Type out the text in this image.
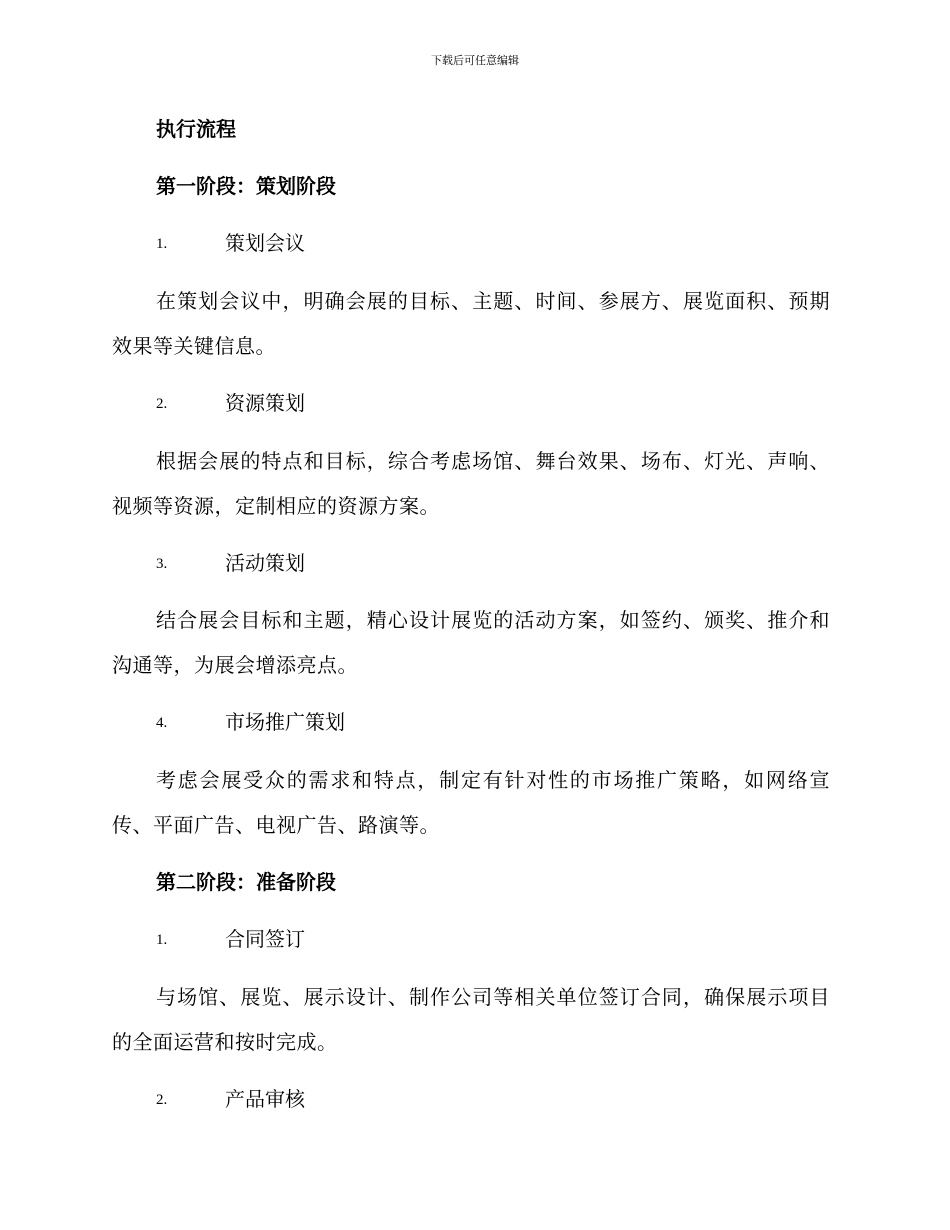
下载后可任意编辑
执行流程
第一阶段：策划阶段
1.	策划会议

在策划会议中，明确会展的目标、主题、时间、参展方、展览面积、预期效果等关键信息。

2.	资源策划

根据会展的特点和目标，综合考虑场馆、舞台效果、场布、灯光、声响、视频等资源，定制相应的资源方案。

3.	活动策划

结合展会目标和主题，精心设计展览的活动方案，如签约、颁奖、推介和沟通等，为展会增添亮点。

4.	市场推广策划

考虑会展受众的需求和特点，制定有针对性的市场推广策略，如网络宣传、平面广告、电视广告、路演等。

第二阶段：准备阶段
1.	合同签订

与场馆、展览、展示设计、制作公司等相关单位签订合同，确保展示项目的全面运营和按时完成。

2.	产品审核
